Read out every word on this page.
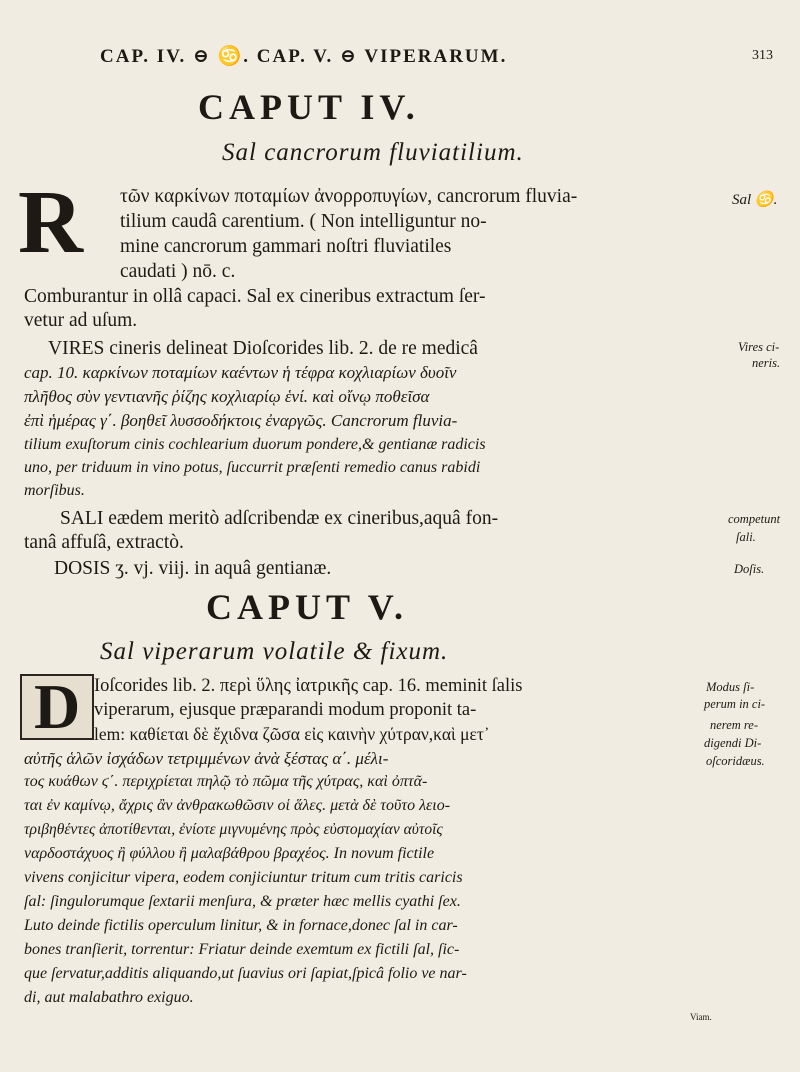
CAP. IV. ⊖ ♋. CAP. V. ⊖ VIPERARUM.	313
CAPUT IV.
Sal cancrorum fluviatilium.
R τῶν καρκίνων ποταμίων ἀνορροπυγίων, cancrorum fluvia-
tilium caudâ carentium. ( Non intelliguntur no-
mine cancrorum gammari noſtri fluviatiles
caudati ) nō. c.
Comburantur in ollâ capaci. Sal ex cineribus extractum ſer-
vetur ad uſum.
VIRES cineris delineat Dioſcorides lib. 2. de re medicâ
cap. 10. καρκίνων ποταμίων καέντων ἡ τέφρα κοχλιαρίων δυοῖν
πλῆθος σὺν γεντιανῆς ῥίζης κοχλιαρίῳ ἑνί. καὶ οἴνῳ ποθεῖσα
ἐπὶ ἡμέρας γ΄. βοηθεῖ λυσσοδήκτοις ἐναργῶς. Cancrorum fluvia-
tilium exuſtorum cinis cochlearium duorum pondere,& gentianæ radicis
uno, per triduum in vino potus, ſuccurrit præſenti remedio canus rabidi
morſibus.
SALI eædem meritò adſcribendæ ex cineribus,aquâ fon-
tanâ affuſâ, extractò.
DOSIS ʒ. vj. viij. in aquâ gentianæ.
Sal ♋.
Vires ci-
neris.
competunt
ſali.
Doſis.
CAPUT V.
Sal viperarum volatile & fixum.
D Ioſcorides lib. 2. περὶ ὕλης ἰατρικῆς cap. 16. meminit ſalis
viperarum, ejusque præparandi modum proponit ta-
lem: καθίεται δὲ ἔχιδνα ζῶσα εἰς καινὴν χύτραν,καὶ μετ᾽
αὐτῆς ἁλῶν ἰσχάδων τετριμμένων ἀνὰ ξέστας α΄. μέλι-
τος κυάθων ϛ΄. περιχρίεται πηλῷ τὸ πῶμα τῆς χύτρας, καὶ ὀπτᾶ-
ται ἐν καμίνῳ, ἄχρις ἂν ἀνθρακωθῶσιν οἱ ἅλες. μετὰ δὲ τοῦτο λειο-
τριβηθέντες ἀποτίθενται, ἐνίοτε μιγνυμένης πρὸς εὐστομαχίαν αὐτοῖς
ναρδοστάχυος ἢ φύλλου ἢ μαλαβάθρου βραχέος. In novum fictile
vivens conjicitur vipera, eodem conjiciuntur tritum cum tritis caricis
ſal: ſingulorumque ſextarii menſura, & præter hæc mellis cyathi ſex.
Luto deinde fictilis operculum linitur, & in fornace,donec ſal in car-
bones tranſierit, torrentur: Friatur deinde exemtum ex fictili ſal, ſic-
que ſervatur,additis aliquando,ut ſuavius ori ſapiat,ſpicâ folio ve nar-
di, aut malabathro exiguo.
Viam.
Modus ſi-
perum in ci-
nerem re-
digendi Di-
oſcoridæus.
